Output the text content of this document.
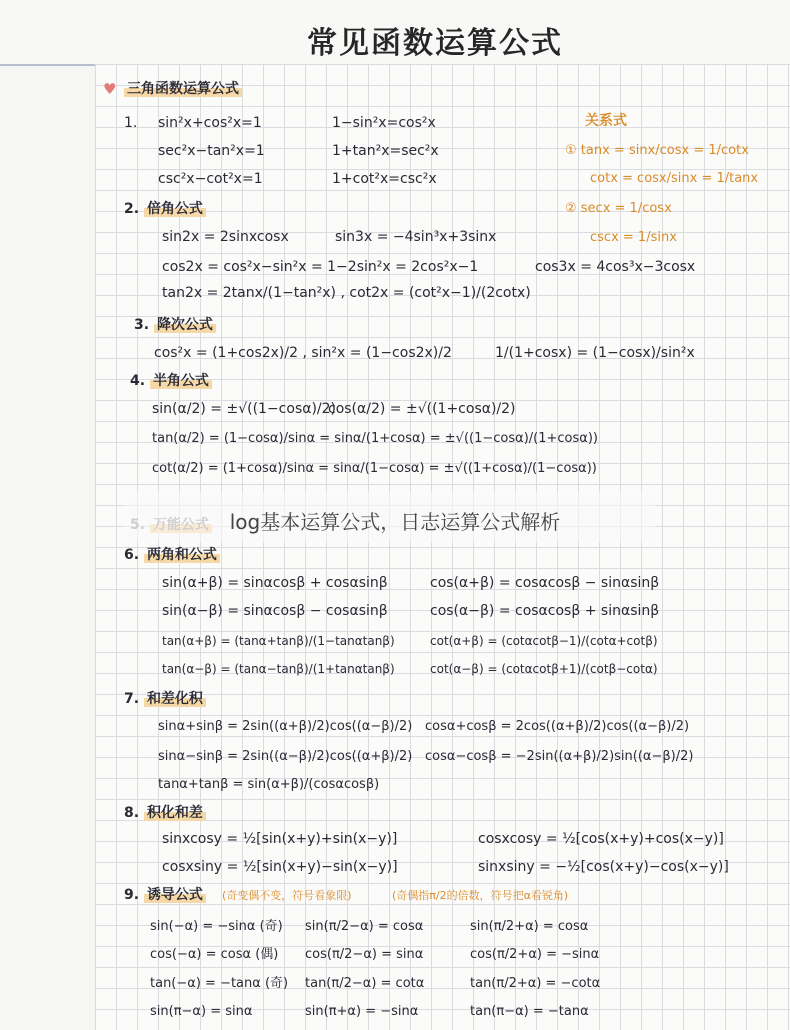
常见函数运算公式
♥ 三角函数运算公式
1. sin²x+cos²x=1	1−sin²x=cos²x
sec²x−tan²x=1	1+tan²x=sec²x
csc²x−cot²x=1	1+cot²x=csc²x
关系式
① tanx = sinx/cosx = 1/cotx
cotx = cosx/sinx = 1/tanx
② secx = 1/cosx
cscx = 1/sinx
2. 倍角公式
sin2x = 2sinxcosx	sin3x = −4sin³x+3sinx
cos2x = cos²x−sin²x = 1−2sin²x = 2cos²x−1	cos3x = 4cos³x−3cosx
tan2x = 2tanx/(1−tan²x) , cot2x = (cot²x−1)/(2cotx)
3. 降次公式
cos²x = (1+cos2x)/2 , sin²x = (1−cos2x)/2	1/(1+cosx) = (1−cosx)/sin²x
4. 半角公式
sin(α/2) = ±√((1−cosα)/2)
cos(α/2) = ±√((1+cosα)/2)
tan(α/2) = (1−cosα)/sinα = sinα/(1+cosα) = ±√((1−cosα)/(1+cosα))
cot(α/2) = (1+cosα)/sinα = sinα/(1−cosα) = ±√((1+cosα)/(1−cosα))
log基本运算公式，日志运算公式解析
6. 两角和公式
sin(α+β) = sinαcosβ + cosαsinβ	cos(α+β) = cosαcosβ − sinαsinβ
sin(α−β) = sinαcosβ − cosαsinβ	cos(α−β) = cosαcosβ + sinαsinβ
tan(α+β) = (tanα+tanβ)/(1−tanαtanβ)	cot(α+β) = (cotαcotβ−1)/(cotα+cotβ)
tan(α−β) = (tanα−tanβ)/(1+tanαtanβ)	cot(α−β) = (cotαcotβ+1)/(cotβ−cotα)
7. 和差化积
sinα+sinβ = 2sin((α+β)/2)cos((α−β)/2) cosα+cosβ = 2cos((α+β)/2)cos((α−β)/2)
sinα−sinβ = 2sin((α−β)/2)cos((α+β)/2) cosα−cosβ = −2sin((α+β)/2)sin((α−β)/2)
tanα+tanβ = sin(α+β)/(cosαcosβ)
8. 积化和差
sinxcosy = ½[sin(x+y)+sin(x−y)]	cosxcosy = ½[cos(x+y)+cos(x−y)]
cosxsiny = ½[sin(x+y)−sin(x−y)]	sinxsiny = −½[cos(x+y)−cos(x−y)]
9. 诱导公式 (奇变偶不变，符号看象限)	(奇偶指π/2的倍数，符号把α看锐角)
sin(−α) = −sinα (奇) sin(π/2−α) = cosα	sin(π/2+α) = cosα
cos(−α) = cosα (偶) cos(π/2−α) = sinα	cos(π/2+α) = −sinα
tan(−α) = −tanα (奇) tan(π/2−α) = cotα	tan(π/2+α) = −cotα
sin(π−α) = sinα	sin(π+α) = −sinα	tan(π−α) = −tanα
